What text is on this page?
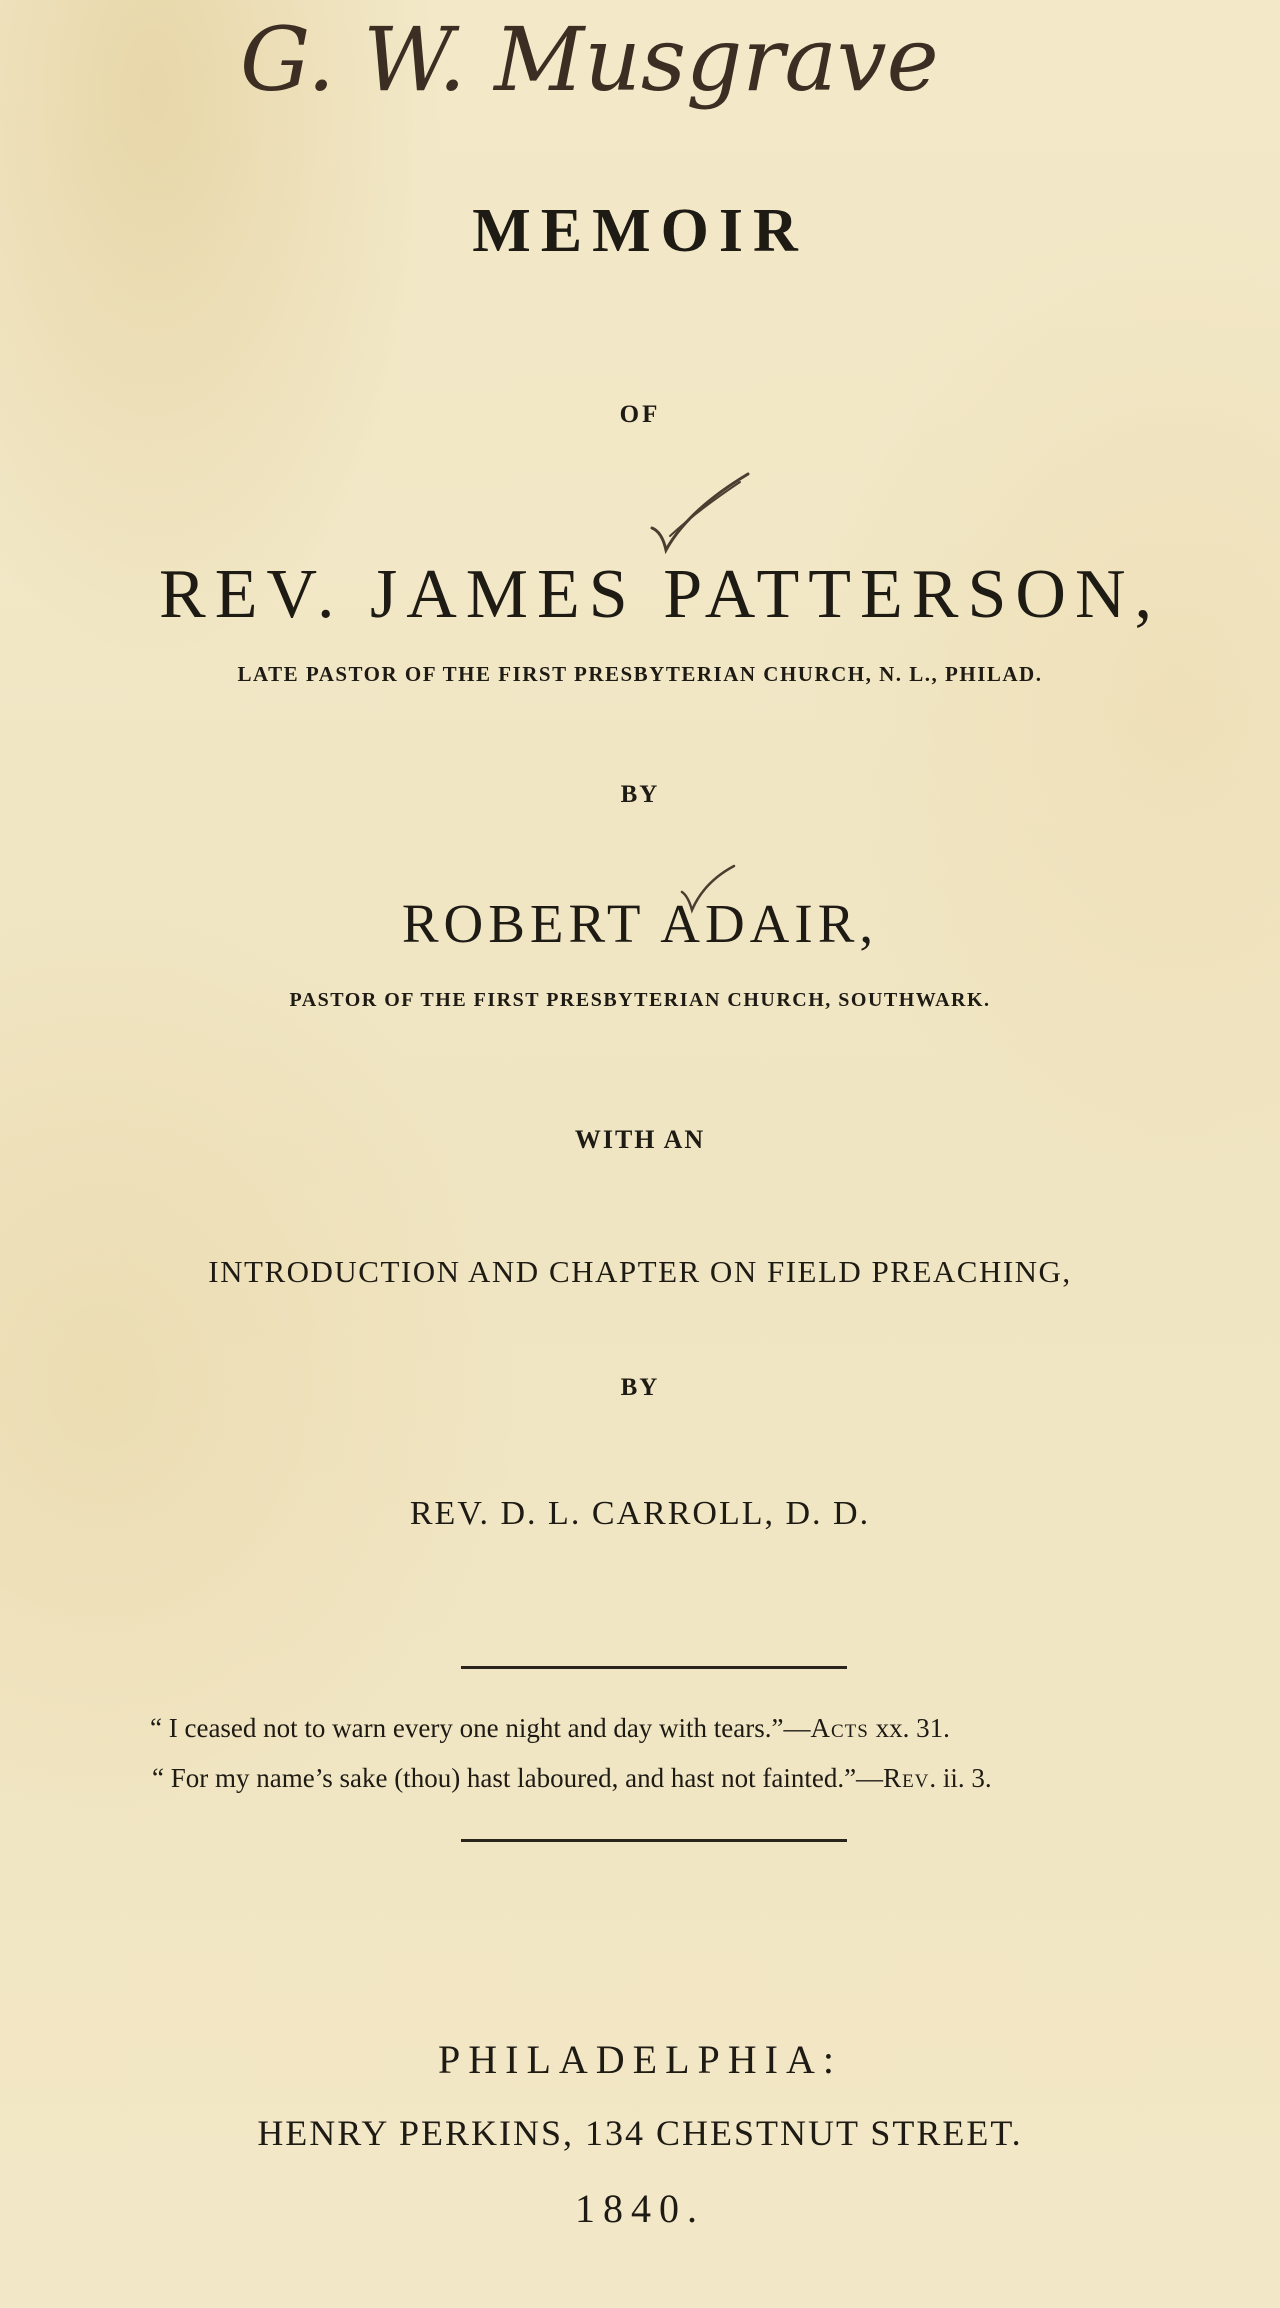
G. W. Musgrave
MEMOIR
OF
REV. JAMES PATTERSON,
LATE PASTOR OF THE FIRST PRESBYTERIAN CHURCH, N. L., PHILAD.
BY
ROBERT ADAIR,
PASTOR OF THE FIRST PRESBYTERIAN CHURCH, SOUTHWARK.
WITH AN
INTRODUCTION AND CHAPTER ON FIELD PREACHING,
BY
REV. D. L. CARROLL, D. D.
“ I ceased not to warn every one night and day with tears.”—Acts xx. 31.
“ For my name’s sake (thou) hast laboured, and hast not fainted.”—Rev. ii. 3.
PHILADELPHIA:
HENRY PERKINS, 134 CHESTNUT STREET.
1840.
